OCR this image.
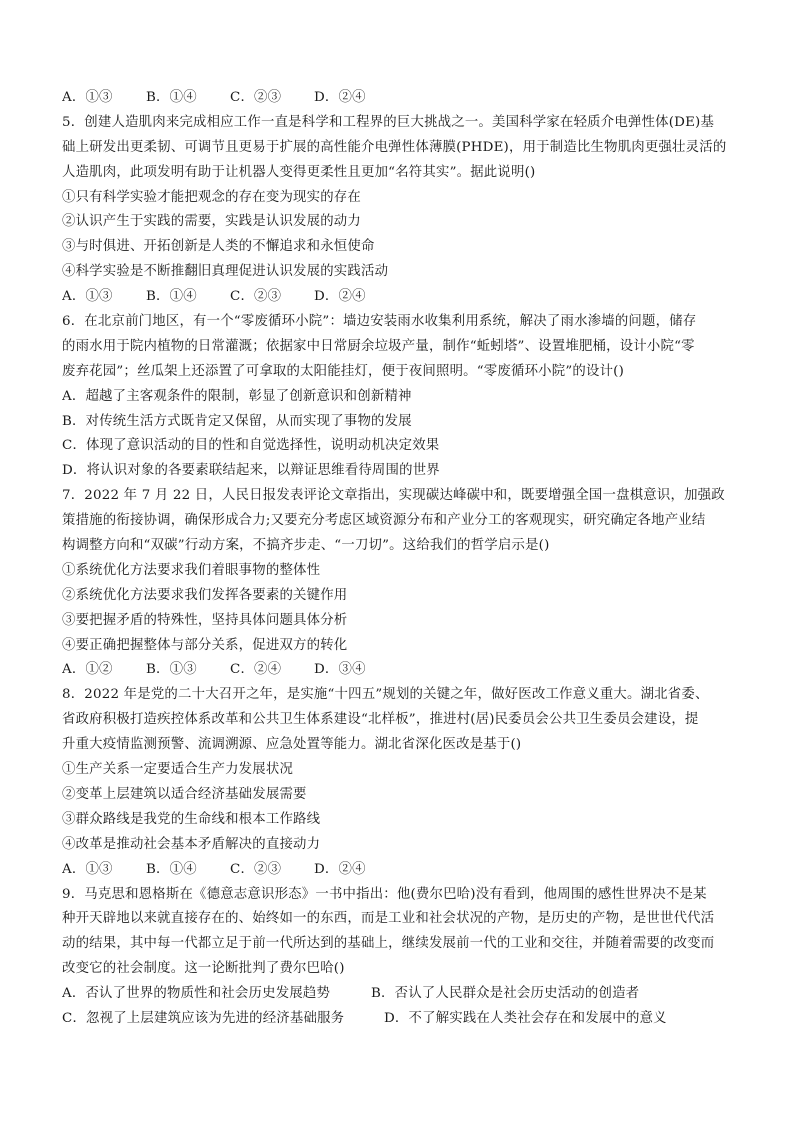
A．①③	B．①④	C．②③	D．②④
5．创建人造肌肉来完成相应工作一直是科学和工程界的巨大挑战之一。美国科学家在轻质介电弹性体(DE)基
础上研发出更柔韧、可调节且更易于扩展的高性能介电弹性体薄膜(PHDE)，用于制造比生物肌肉更强壮灵活的
人造肌肉，此项发明有助于让机器人变得更柔性且更加“名符其实”。据此说明()
①只有科学实验才能把观念的存在变为现实的存在
②认识产生于实践的需要，实践是认识发展的动力
③与时俱进、开拓创新是人类的不懈追求和永恒使命
④科学实验是不断推翻旧真理促进认识发展的实践活动
A．①③	B．①④	C．②③	D．②④
6．在北京前门地区，有一个“零废循环小院”：墙边安装雨水收集利用系统，解决了雨水渗墙的问题，储存
的雨水用于院内植物的日常灌溉；依据家中日常厨余垃圾产量，制作“蚯蚓塔”、设置堆肥桶，设计小院“零
废弃花园”；丝瓜架上还添置了可拿取的太阳能挂灯，便于夜间照明。“零废循环小院”的设计()
A．超越了主客观条件的限制，彰显了创新意识和创新精神
B．对传统生活方式既肯定又保留，从而实现了事物的发展
C．体现了意识活动的目的性和自觉选择性，说明动机决定效果
D．将认识对象的各要素联结起来，以辩证思维看待周围的世界
7．2022 年 7 月 22 日，人民日报发表评论文章指出，实现碳达峰碳中和，既要增强全国一盘棋意识，加强政
策措施的衔接协调，确保形成合力;又要充分考虑区域资源分布和产业分工的客观现实，研究确定各地产业结
构调整方向和“双碳”行动方案，不搞齐步走、“一刀切”。这给我们的哲学启示是()
①系统优化方法要求我们着眼事物的整体性
②系统优化方法要求我们发挥各要素的关键作用
③要把握矛盾的特殊性，坚持具体问题具体分析
④要正确把握整体与部分关系，促进双方的转化
A．①②	B．①③	C．②④	D．③④
8．2022 年是党的二十大召开之年，是实施“十四五”规划的关键之年，做好医改工作意义重大。湖北省委、
省政府积极打造疾控体系改革和公共卫生体系建设“北样板”，推进村(居)民委员会公共卫生委员会建设，提
升重大疫情监测预警、流调溯源、应急处置等能力。湖北省深化医改是基于()
①生产关系一定要适合生产力发展状况
②变革上层建筑以适合经济基础发展需要
③群众路线是我党的生命线和根本工作路线
④改革是推动社会基本矛盾解决的直接动力
A．①③	B．①④	C．②③	D．②④
9．马克思和恩格斯在《德意志意识形态》一书中指出：他(费尔巴哈)没有看到，他周围的感性世界决不是某
种开天辟地以来就直接存在的、始终如一的东西，而是工业和社会状况的产物，是历史的产物，是世世代代活
动的结果，其中每一代都立足于前一代所达到的基础上，继续发展前一代的工业和交往，并随着需要的改变而
改变它的社会制度。这一论断批判了费尔巴哈()
A．否认了世界的物质性和社会历史发展趋势	B．否认了人民群众是社会历史活动的创造者
C．忽视了上层建筑应该为先进的经济基础服务	D．不了解实践在人类社会存在和发展中的意义
